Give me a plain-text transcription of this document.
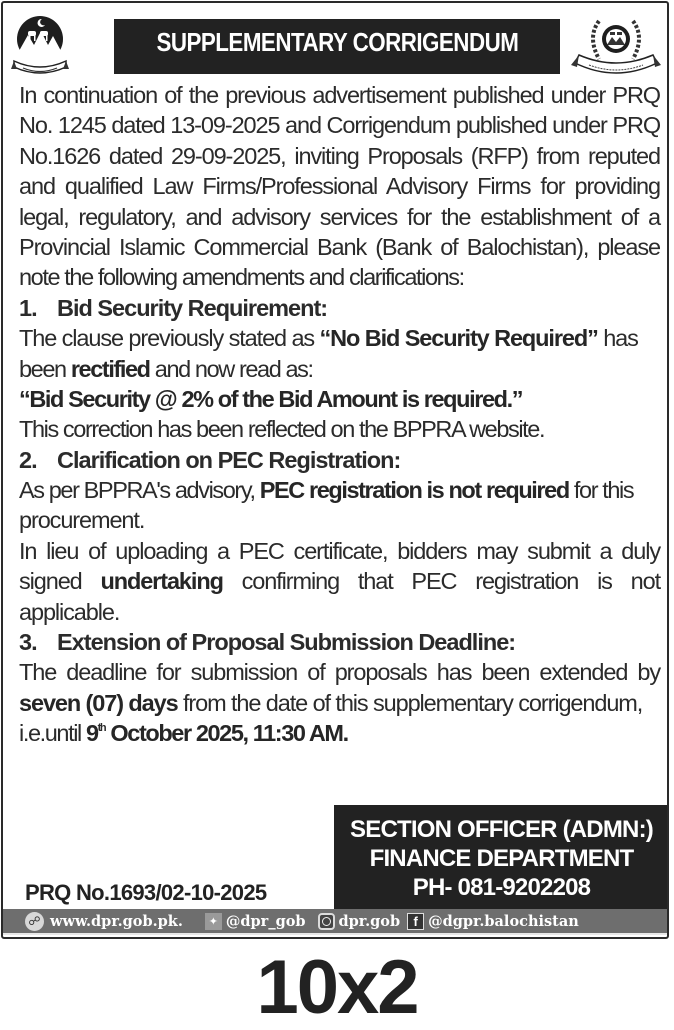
SUPPLEMENTARY CORRIGENDUM
In continuation of the previous advertisement published under PRQ
No. 1245 dated 13-09-2025 and Corrigendum published under PRQ
No.1626 dated 29-09-2025, inviting Proposals (RFP) from reputed
and qualified Law Firms/Professional Advisory Firms for providing
legal, regulatory, and advisory services for the establishment of a
Provincial Islamic Commercial Bank (Bank of Balochistan), please
note the following amendments and clarifications:
1. Bid Security Requirement:
The clause previously stated as “No Bid Security Required” has
been rectified and now read as:
“Bid Security @ 2% of the Bid Amount is required.”
This correction has been reflected on the BPPRA website.
2. Clarification on PEC Registration:
As per BPPRA's advisory, PEC registration is not required for this
procurement.
In lieu of uploading a PEC certificate, bidders may submit a duly
signed undertaking confirming that PEC registration is not
applicable.
3. Extension of Proposal Submission Deadline:
The deadline for submission of proposals has been extended by
seven (07) days from the date of this supplementary corrigendum,
i.e.until 9th October 2025, 11:30 AM.
SECTION OFFICER (ADMN:)
FINANCE DEPARTMENT
PH- 081-9202208
PRQ No.1693/02-10-2025
☍ www.dpr.gob.pk.	✦ @dpr_gob dpr.gob	f @dgpr.balochistan
10x2
